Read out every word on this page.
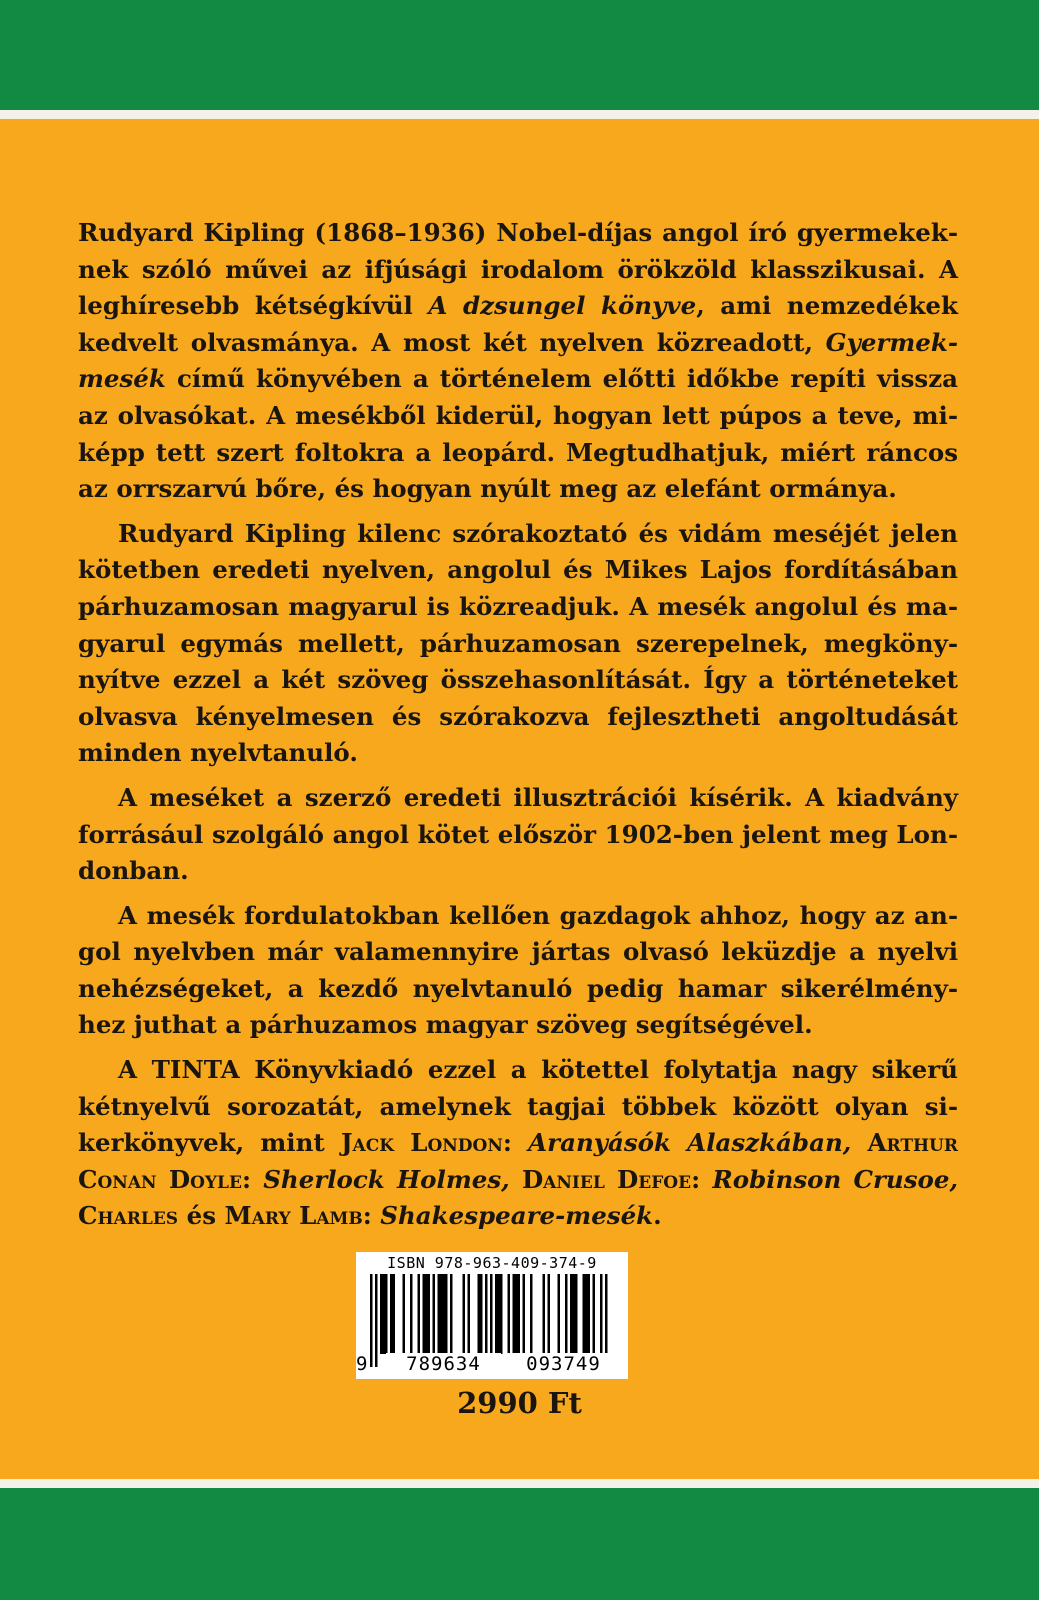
Rudyard Kipling (1868–1936) Nobel-díjas angol író gyermekeknek szóló művei az ifjúsági irodalom örökzöld klasszikusai. A leghíresebb kétségkívül A dzsungel könyve, ami nemzedékek kedvelt olvasmánya. A most két nyelven közreadott, Gyermekmesék című könyvében a történelem előtti időkbe repíti vissza az olvasókat. A mesékből kiderül, hogyan lett púpos a teve, miképp tett szert foltokra a leopárd. Megtudhatjuk, miért ráncos az orrszarvú bőre, és hogyan nyúlt meg az elefánt ormánya.

Rudyard Kipling kilenc szórakoztató és vidám meséjét jelen kötetben eredeti nyelven, angolul és Mikes Lajos fordításában párhuzamosan magyarul is közreadjuk. A mesék angolul és magyarul egymás mellett, párhuzamosan szerepelnek, megkönynyítve ezzel a két szöveg összehasonlítását. Így a történeteket olvasva kényelmesen és szórakozva fejlesztheti angoltudását minden nyelvtanuló.

A meséket a szerző eredeti illusztrációi kísérik. A kiadvány forrásául szolgáló angol kötet először 1902-ben jelent meg Londonban.

A mesék fordulatokban kellően gazdagok ahhoz, hogy az angol nyelvben már valamennyire jártas olvasó leküzdje a nyelvi nehézségeket, a kezdő nyelvtanuló pedig hamar sikerélményhez juthat a párhuzamos magyar szöveg segítségével.

A TINTA Könyvkiadó ezzel a kötettel folytatja nagy sikerű kétnyelvű sorozatát, amelynek tagjai többek között olyan sikerkönyvek, mint Jack London: Aranyásók Alaszkában, Arthur Conan Doyle: Sherlock Holmes, Daniel Defoe: Robinson Crusoe, Charles és Mary Lamb: Shakespeare-mesék.

ISBN 978-963-409-374-9
9	789634	093749
2990 Ft
